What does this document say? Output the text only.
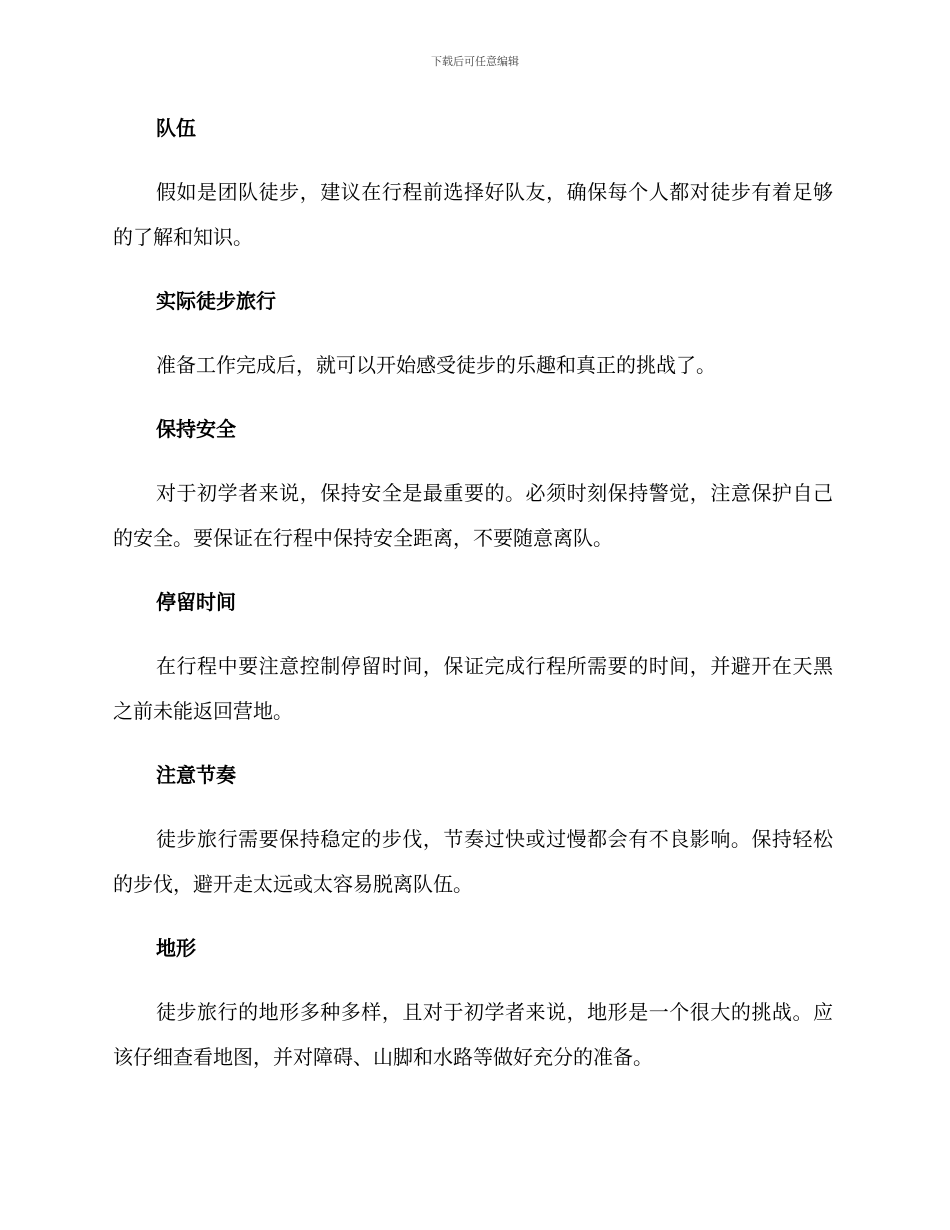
下载后可任意编辑
队伍

假如是团队徒步，建议在行程前选择好队友，确保每个人都对徒步有着足够的了解和知识。

实际徒步旅行

准备工作完成后，就可以开始感受徒步的乐趣和真正的挑战了。

保持安全

对于初学者来说，保持安全是最重要的。必须时刻保持警觉，注意保护自己的安全。要保证在行程中保持安全距离，不要随意离队。

停留时间

在行程中要注意控制停留时间，保证完成行程所需要的时间，并避开在天黑之前未能返回营地。

注意节奏

徒步旅行需要保持稳定的步伐，节奏过快或过慢都会有不良影响。保持轻松的步伐，避开走太远或太容易脱离队伍。

地形

徒步旅行的地形多种多样，且对于初学者来说，地形是一个很大的挑战。应该仔细查看地图，并对障碍、山脚和水路等做好充分的准备。
